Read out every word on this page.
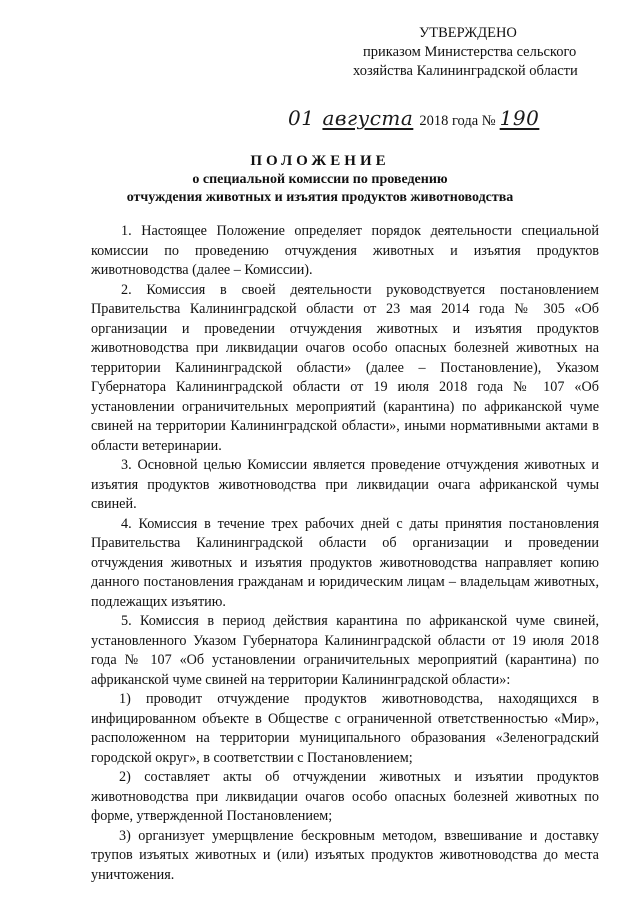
УТВЕРЖДЕНО
приказом Министерства сельского
хозяйства Калининградской области
01 августа 2018 года № 190
ПОЛОЖЕНИЕ
о специальной комиссии по проведению
отчуждения животных и изъятия продуктов животноводства

1. Настоящее Положение определяет порядок деятельности специальной комиссии по проведению отчуждения животных и изъятия продуктов животноводства (далее – Комиссии).

2. Комиссия в своей деятельности руководствуется постановлением Правительства Калининградской области от 23 мая 2014 года № 305 «Об организации и проведении отчуждения животных и изъятия продуктов животноводства при ликвидации очагов особо опасных болезней животных на территории Калининградской области» (далее – Постановление), Указом Губернатора Калининградской области от 19 июля 2018 года № 107 «Об установлении ограничительных мероприятий (карантина) по африканской чуме свиней на территории Калининградской области», иными нормативными актами в области ветеринарии.

3. Основной целью Комиссии является проведение отчуждения животных и изъятия продуктов животноводства при ликвидации очага африканской чумы свиней.

4. Комиссия в течение трех рабочих дней с даты принятия постановления Правительства Калининградской области об организации и проведении отчуждения животных и изъятия продуктов животноводства направляет копию данного постановления гражданам и юридическим лицам – владельцам животных, подлежащих изъятию.

5. Комиссия в период действия карантина по африканской чуме свиней, установленного Указом Губернатора Калининградской области от 19 июля 2018 года № 107 «Об установлении ограничительных мероприятий (карантина) по африканской чуме свиней на территории Калининградской области»:

1) проводит отчуждение продуктов животноводства, находящихся в инфицированном объекте в Обществе с ограниченной ответственностью «Мир», расположенном на территории муниципального образования «Зеленоградский городской округ», в соответствии с Постановлением;

2) составляет акты об отчуждении животных и изъятии продуктов животноводства при ликвидации очагов особо опасных болезней животных по форме, утвержденной Постановлением;

3) организует умерщвление бескровным методом, взвешивание и доставку трупов изъятых животных и (или) изъятых продуктов животноводства до места уничтожения.
